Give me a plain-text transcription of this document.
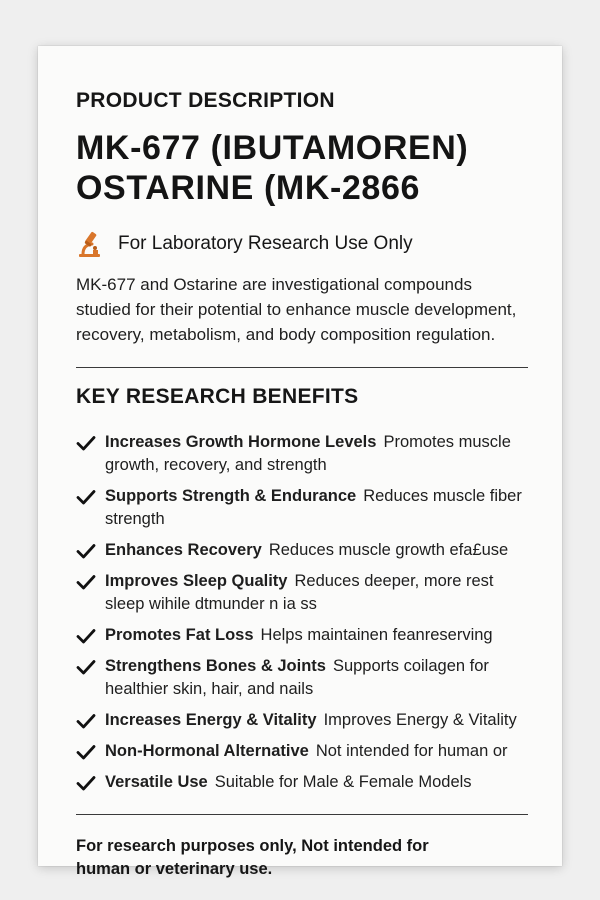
PRODUCT DESCRIPTION
MK-677 (IBUTAMOREN)
OSTARINE (MK-2866
For Laboratory Research Use Only

MK-677 and Ostarine are investigational compounds studied for their potential to enhance muscle development, recovery, metabolism, and body composition regulation.

KEY RESEARCH BENEFITS
Increases Growth Hormone Levels Promotes muscle growth, recovery, and strength
Supports Strength & Endurance Reduces muscle fiber strength
Enhances Recovery Reduces muscle growth efa£use
Improves Sleep Quality Reduces deeper, more rest sleep wihile dtmunder n ia ss
Promotes Fat Loss Helps maintainen feanreserving
Strengthens Bones & Joints Supports coilagen for healthier skin, hair, and nails
Increases Energy & Vitality Improves Energy & Vitality
Non-Hormonal Alternative Not intended for human or
Versatile Use Suitable for Male & Female Models

For research purposes only, Not intended for human or veterinary use.
